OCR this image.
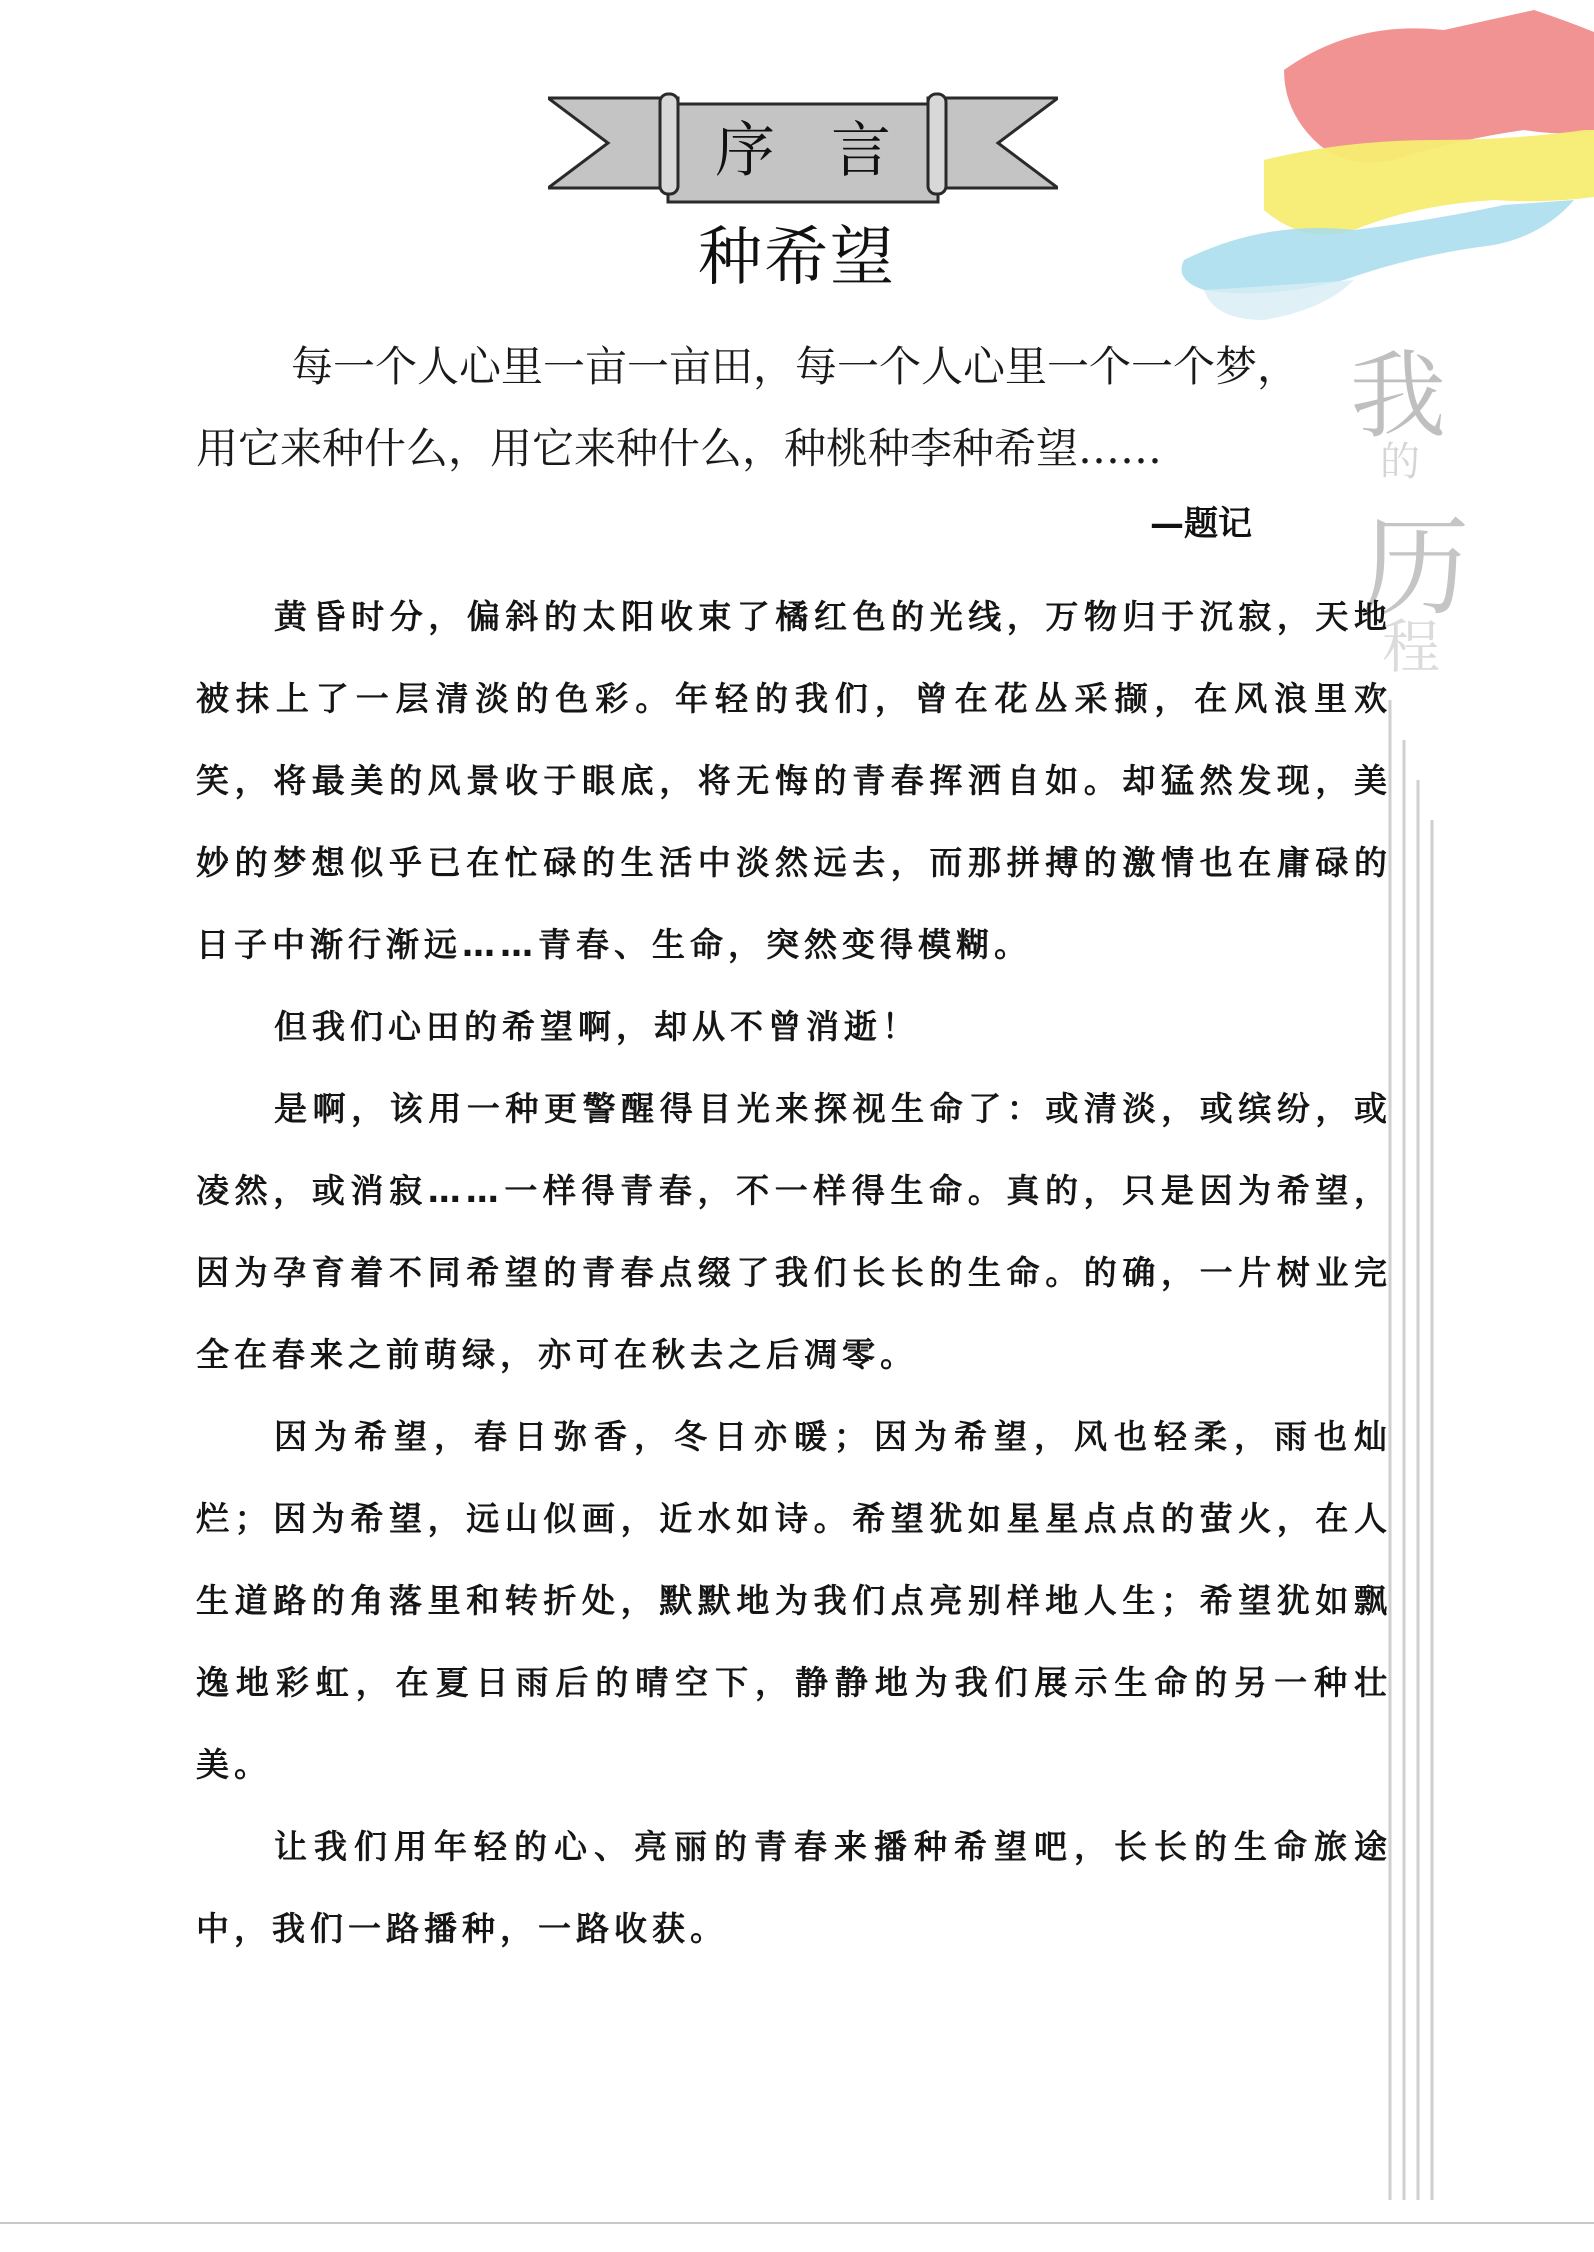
我
的
历
程
序言
种希望
每一个人心里一亩一亩田，每一个人心里一个一个梦，
用它来种什么，用它来种什么，种桃种李种希望……
—题记

黄昏时分，偏斜的太阳收束了橘红色的光线，万物归于沉寂，天地被抹上了一层清淡的色彩。年轻的我们，曾在花丛采撷，在风浪里欢笑，将最美的风景收于眼底，将无悔的青春挥洒自如。却猛然发现，美妙的梦想似乎已在忙碌的生活中淡然远去，而那拼搏的激情也在庸碌的日子中渐行渐远……青春、生命，突然变得模糊。

但我们心田的希望啊，却从不曾消逝！

是啊，该用一种更警醒得目光来探视生命了：或清淡，或缤纷，或凌然，或消寂……一样得青春，不一样得生命。真的，只是因为希望，因为孕育着不同希望的青春点缀了我们长长的生命。的确，一片树业完全在春来之前萌绿，亦可在秋去之后凋零。

因为希望，春日弥香，冬日亦暖；因为希望，风也轻柔，雨也灿烂；因为希望，远山似画，近水如诗。希望犹如星星点点的萤火，在人生道路的角落里和转折处，默默地为我们点亮别样地人生；希望犹如飘逸地彩虹，在夏日雨后的晴空下，静静地为我们展示生命的另一种壮美。

让我们用年轻的心、亮丽的青春来播种希望吧，长长的生命旅途中，我们一路播种，一路收获。
